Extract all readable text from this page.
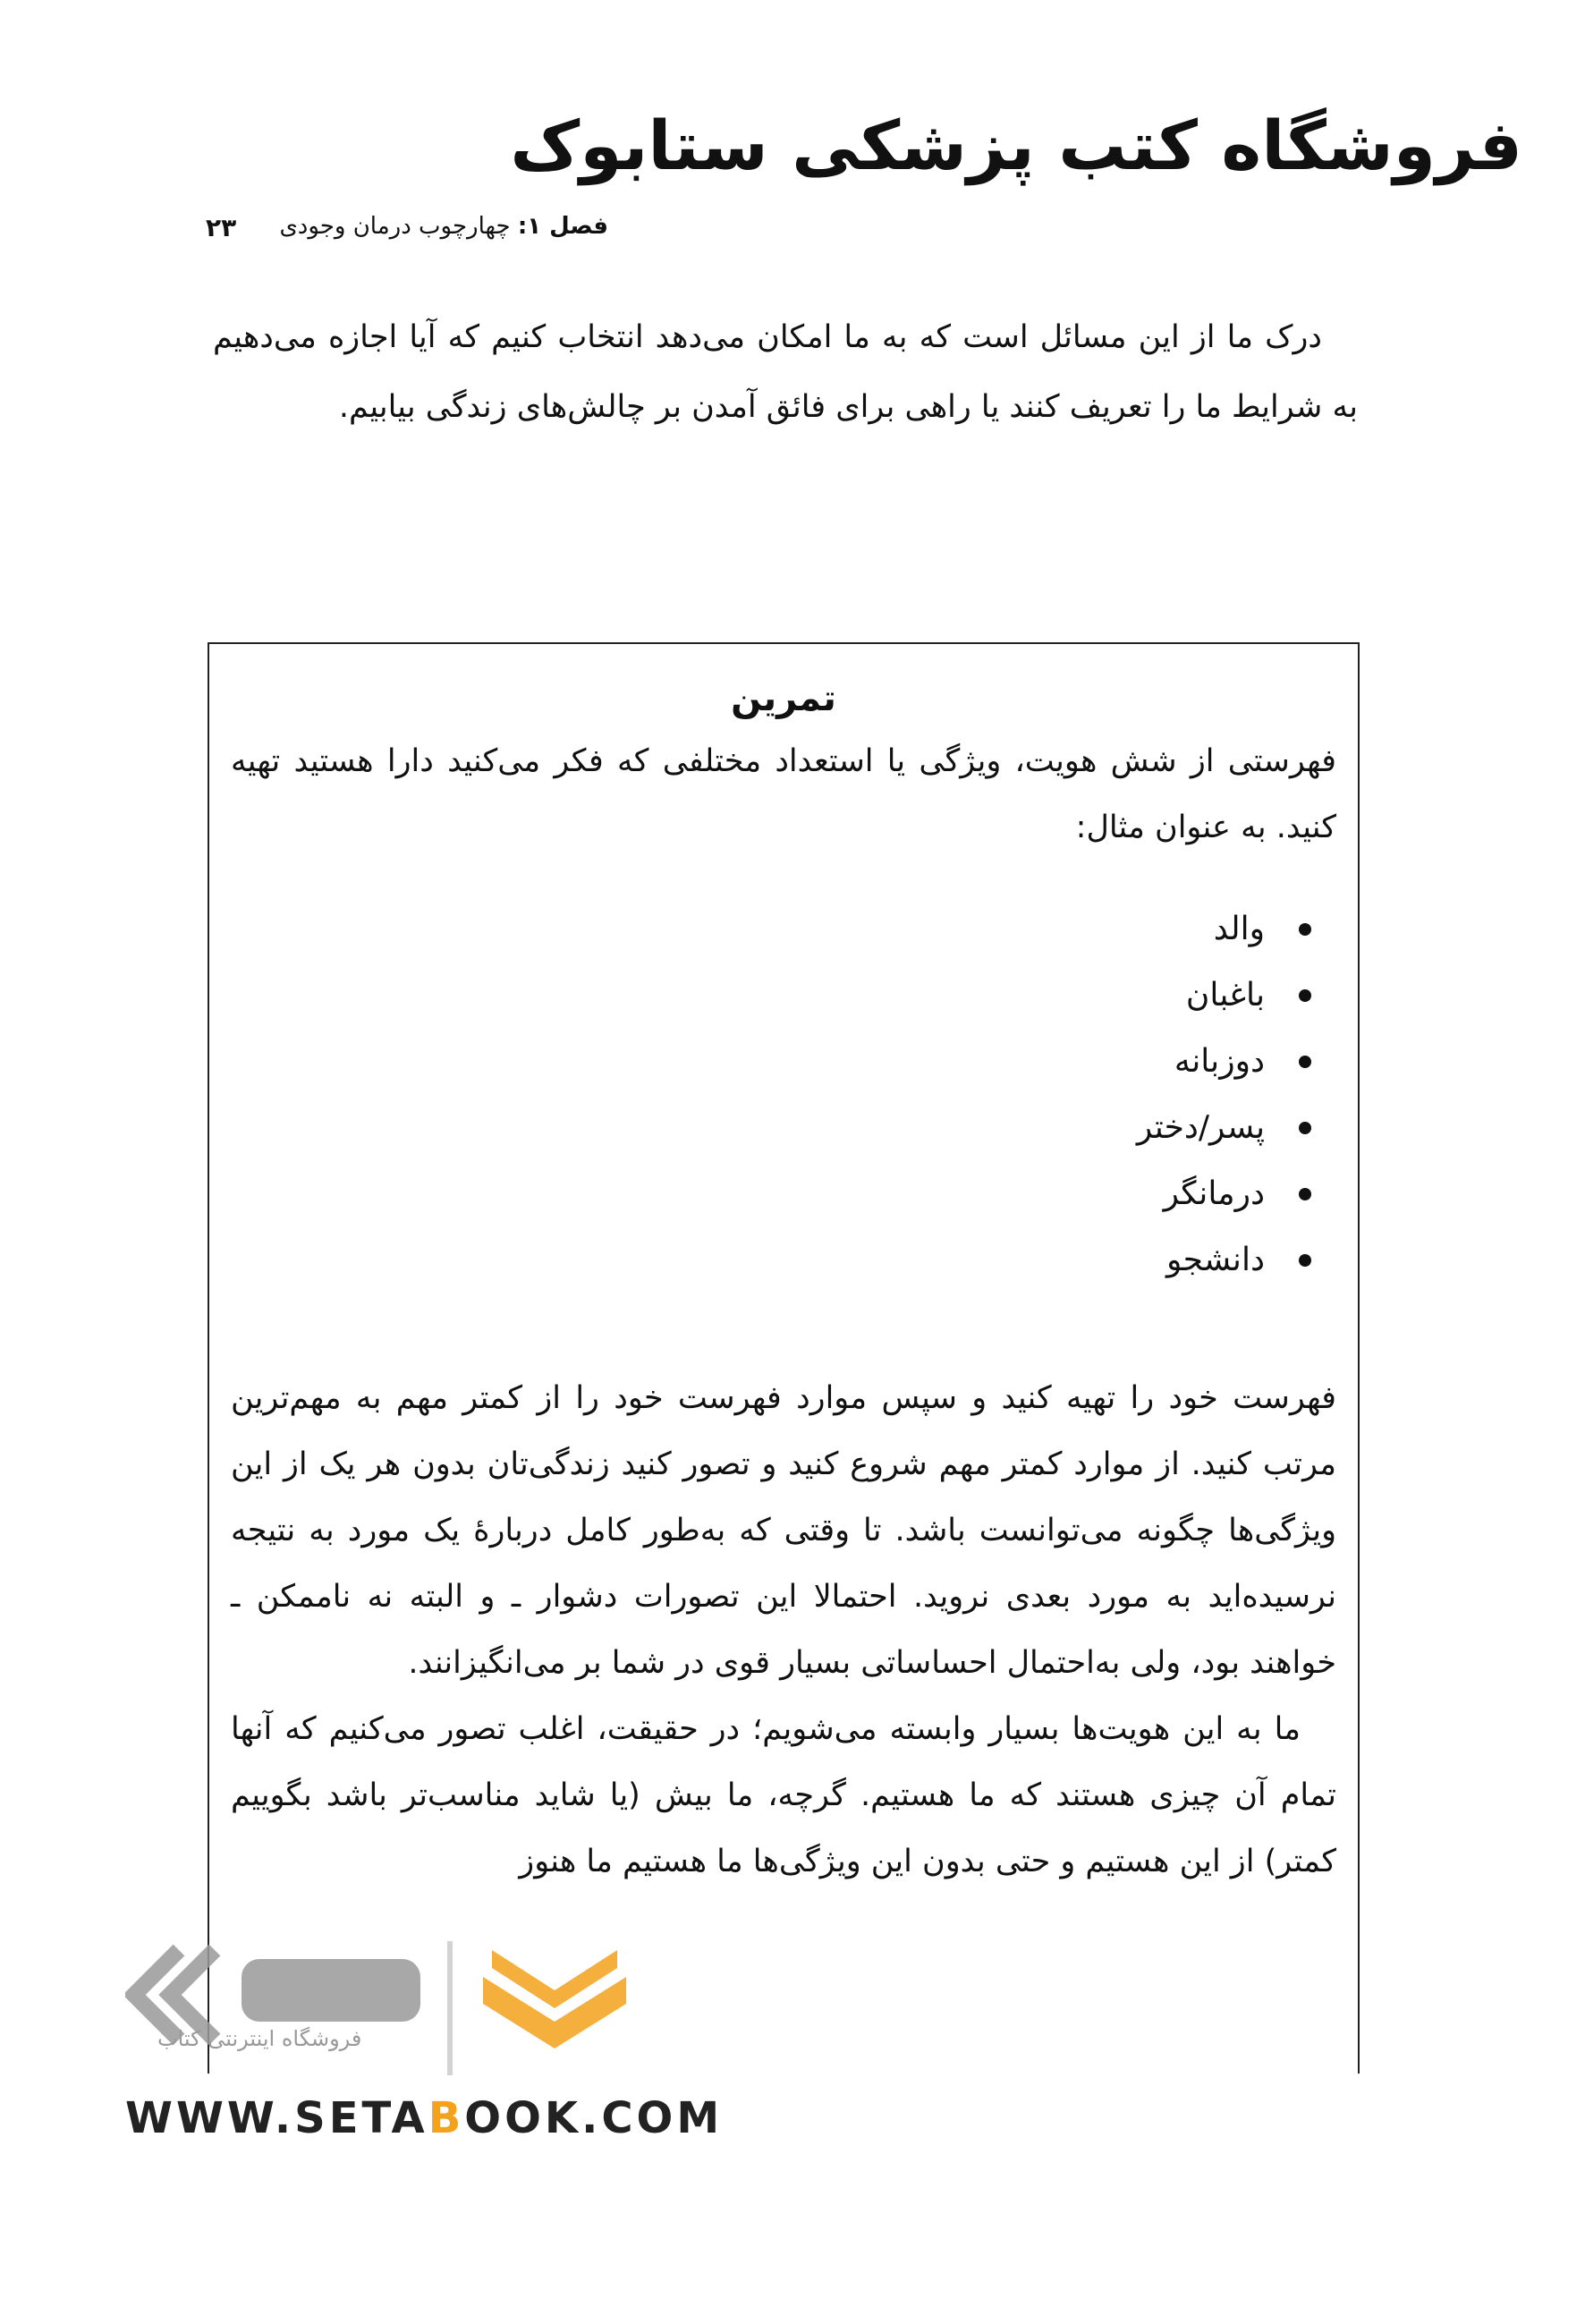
فروشگاه کتب پزشکی ستابوک
فصل ۱: چهارچوب درمان وجودی
۲۳

درک ما از این مسائل است که به ما امکان می‌دهد انتخاب کنیم که آیا اجازه می‌دهیم به شرایط ما را تعریف کنند یا راهی برای فائق آمدن بر چالش‌های زندگی بیابیم.

تمرین

فهرستی از شش هویت، ویژگی یا استعداد مختلفی که فکر می‌کنید دارا هستید تهیه کنید. به عنوان مثال:

والد
باغبان
دوزبانه
پسر/دختر
درمانگر
دانشجو

فهرست خود را تهیه کنید و سپس موارد فهرست خود را از کمتر مهم به مهم‌ترین مرتب کنید. از موارد کمتر مهم شروع کنید و تصور کنید زندگی‌تان بدون هر یک از این ویژگی‌ها چگونه می‌توانست باشد. تا وقتی که به‌طور کامل دربارهٔ یک مورد به نتیجه نرسیده‌اید به مورد بعدی نروید. احتمالا این تصورات دشوار ـ و البته نه ناممکن ـ خواهند بود، ولی به‌احتمال احساساتی بسیار قوی در شما بر می‌انگیزانند.

ما به این هویت‌ها بسیار وابسته می‌شویم؛ در حقیقت، اغلب تصور می‌کنیم که آنها تمام آن چیزی هستند که ما هستیم. گرچه، ما بیش (یا شاید مناسب‌تر باشد بگوییم کمتر) از این هستیم و حتی بدون این ویژگی‌ها ما هستیم ما هنوز

فروشگاه اینترنتی کتاب
WWW.SETABOOK.COM
